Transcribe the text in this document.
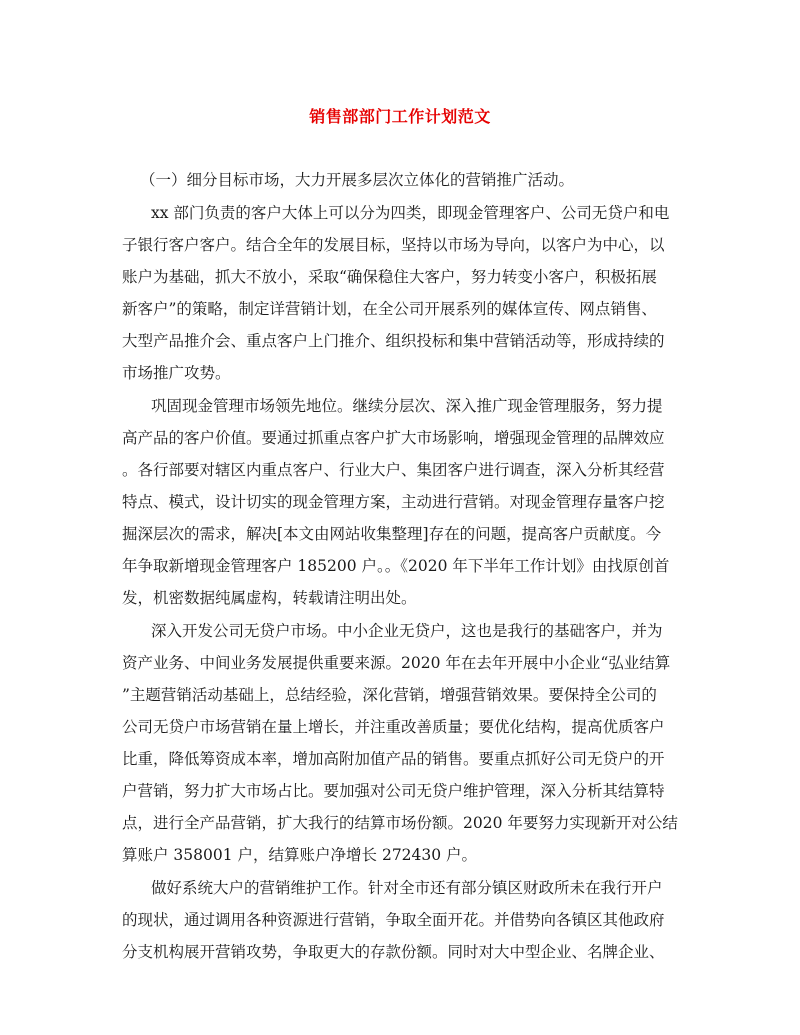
销售部部门工作计划范文
（一）细分目标市场，大力开展多层次立体化的营销推广活动。
xx 部门负责的客户大体上可以分为四类，即现金管理客户、公司无贷户和电
子银行客户客户。结合全年的发展目标，坚持以市场为导向，以客户为中心，以
账户为基础，抓大不放小，采取“确保稳住大客户，努力转变小客户，积极拓展
新客户”的策略，制定详营销计划，在全公司开展系列的媒体宣传、网点销售、
大型产品推介会、重点客户上门推介、组织投标和集中营销活动等，形成持续的
市场推广攻势。
巩固现金管理市场领先地位。继续分层次、深入推广现金管理服务，努力提
高产品的客户价值。要通过抓重点客户扩大市场影响，增强现金管理的品牌效应
。各行部要对辖区内重点客户、行业大户、集团客户进行调查，深入分析其经营
特点、模式，设计切实的现金管理方案，主动进行营销。对现金管理存量客户挖
掘深层次的需求，解决[本文由网站收集整理]存在的问题，提高客户贡献度。今
年争取新增现金管理客户 185200 户。。《2020 年下半年工作计划》由找原创首
发，机密数据纯属虚构，转载请注明出处。
深入开发公司无贷户市场。中小企业无贷户，这也是我行的基础客户，并为
资产业务、中间业务发展提供重要来源。2020 年在去年开展中小企业“弘业结算
”主题营销活动基础上，总结经验，深化营销，增强营销效果。要保持全公司的
公司无贷户市场营销在量上增长，并注重改善质量；要优化结构，提高优质客户
比重，降低筹资成本率，增加高附加值产品的销售。要重点抓好公司无贷户的开
户营销，努力扩大市场占比。要加强对公司无贷户维护管理，深入分析其结算特
点，进行全产品营销，扩大我行的结算市场份额。2020 年要努力实现新开对公结
算账户 358001 户，结算账户净增长 272430 户。
做好系统大户的营销维护工作。针对全市还有部分镇区财政所未在我行开户
的现状，通过调用各种资源进行营销，争取全面开花。并借势向各镇区其他政府
分支机构展开营销攻势，争取更大的存款份额。同时对大中型企业、名牌企业、
